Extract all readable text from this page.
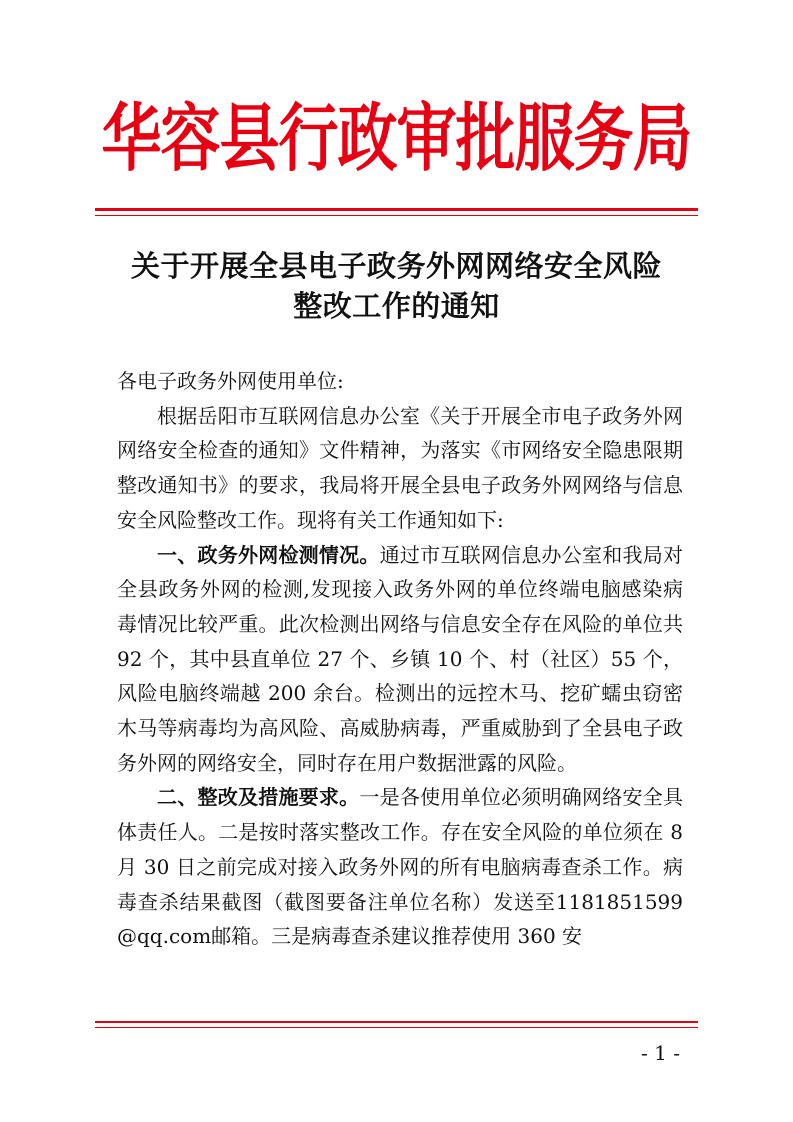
华容县行政审批服务局
关于开展全县电子政务外网网络安全风险
整改工作的通知

各电子政务外网使用单位:

根据岳阳市互联网信息办公室《关于开展全市电子政务外网网络安全检查的通知》文件精神，为落实《市网络安全隐患限期整改通知书》的要求，我局将开展全县电子政务外网网络与信息安全风险整改工作。现将有关工作通知如下:

一、政务外网检测情况。通过市互联网信息办公室和我局对全县政务外网的检测,发现接入政务外网的单位终端电脑感染病毒情况比较严重。此次检测出网络与信息安全存在风险的单位共 92 个，其中县直单位 27 个、乡镇 10 个、村（社区）55 个，风险电脑终端越 200 余台。检测出的远控木马、挖矿蠕虫窃密木马等病毒均为高风险、高威胁病毒，严重威胁到了全县电子政务外网的网络安全，同时存在用户数据泄露的风险。

二、整改及措施要求。一是各使用单位必须明确网络安全具体责任人。二是按时落实整改工作。存在安全风险的单位须在 8 月 30 日之前完成对接入政务外网的所有电脑病毒查杀工作。病毒查杀结果截图（截图要备注单位名称）发送至1181851599@qq.com邮箱。三是病毒查杀建议推荐使用 360 安

- 1 -
